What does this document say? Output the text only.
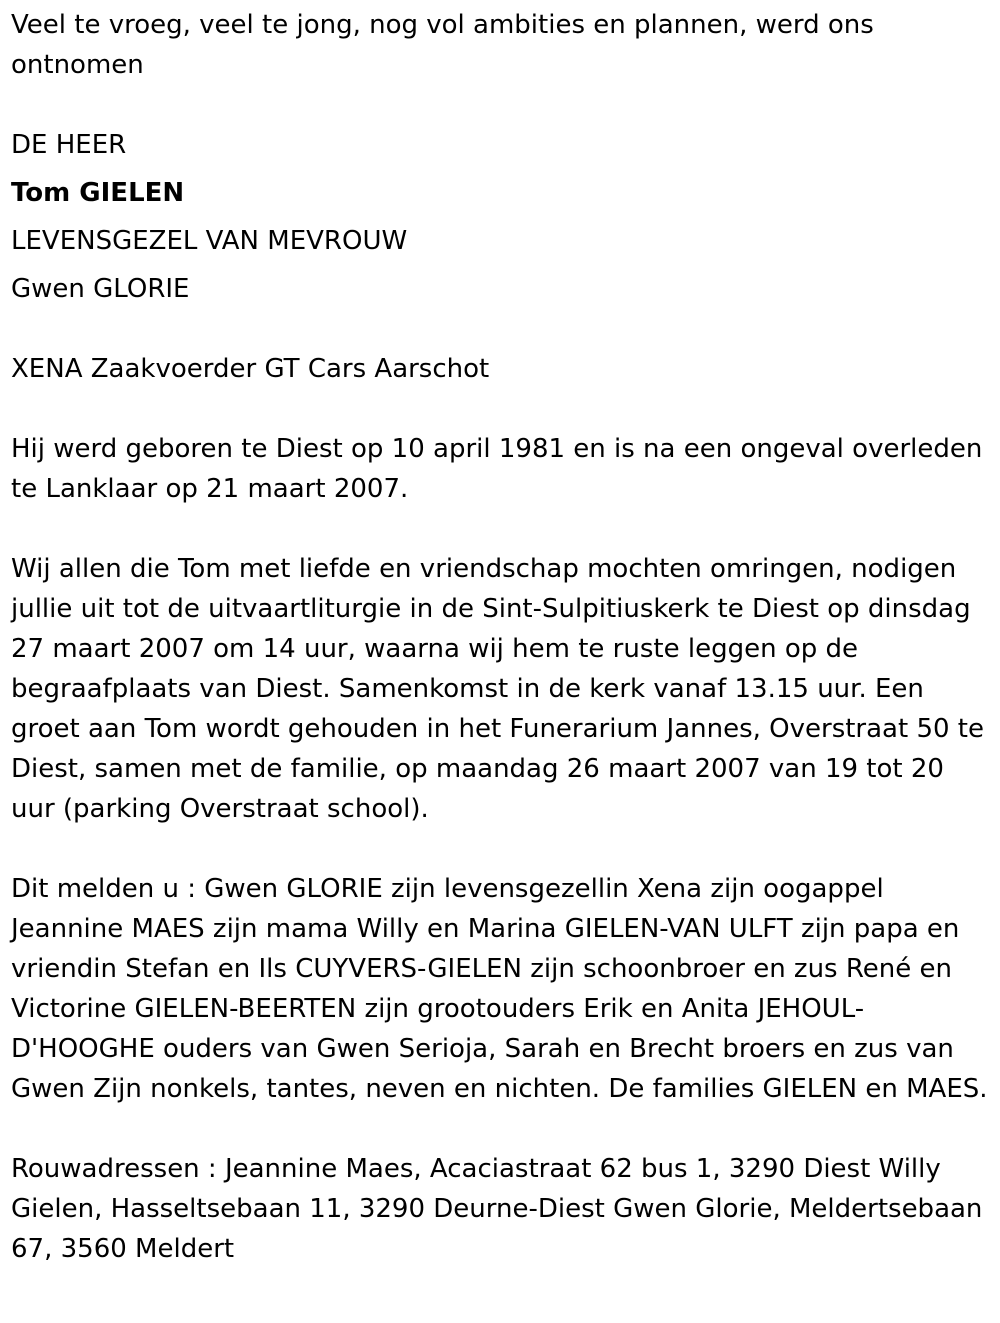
Veel te vroeg, veel te jong, nog vol ambities en plannen, werd ons ontnomen

DE HEER

Tom GIELEN

LEVENSGEZEL VAN MEVROUW

Gwen GLORIE

XENA Zaakvoerder GT Cars Aarschot

Hij werd geboren te Diest op 10 april 1981 en is na een ongeval overleden te Lanklaar op 21 maart 2007.

Wij allen die Tom met liefde en vriendschap mochten omringen, nodigen jullie uit tot de uitvaartliturgie in de Sint-Sulpitiuskerk te Diest op dinsdag 27 maart 2007 om 14 uur, waarna wij hem te ruste leggen op de begraafplaats van Diest. Samenkomst in de kerk vanaf 13.15 uur. Een groet aan Tom wordt gehouden in het Funerarium Jannes, Overstraat 50 te Diest, samen met de familie, op maandag 26 maart 2007 van 19 tot 20 uur (parking Overstraat school).

Dit melden u : Gwen GLORIE zijn levensgezellin Xena zijn oogappel Jeannine MAES zijn mama Willy en Marina GIELEN-VAN ULFT zijn papa en vriendin Stefan en Ils CUYVERS-GIELEN zijn schoonbroer en zus René en Victorine GIELEN-BEERTEN zijn grootouders Erik en Anita JEHOUL-D'HOOGHE ouders van Gwen Serioja, Sarah en Brecht broers en zus van Gwen Zijn nonkels, tantes, neven en nichten. De families GIELEN en MAES.

Rouwadressen : Jeannine Maes, Acaciastraat 62 bus 1, 3290 Diest Willy Gielen, Hasseltsebaan 11, 3290 Deurne-Diest Gwen Glorie, Meldertsebaan 67, 3560 Meldert
